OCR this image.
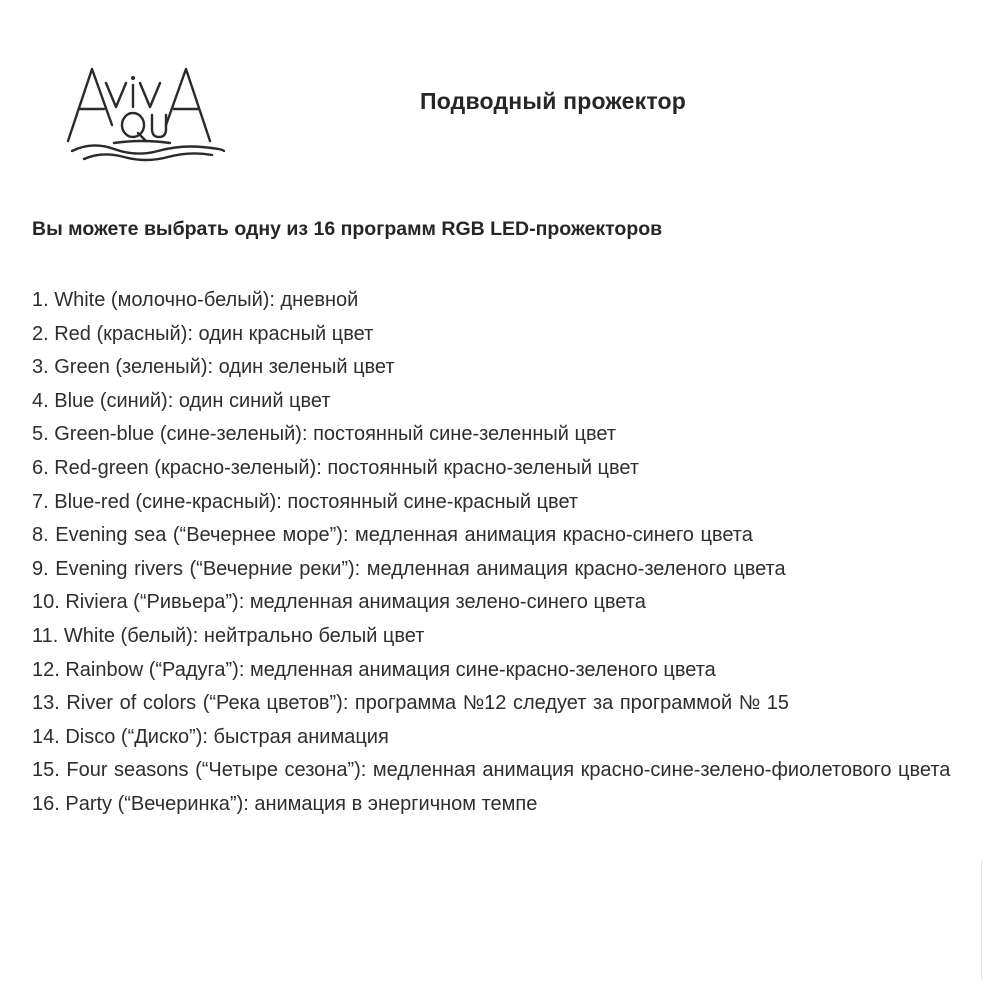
Подводный прожектор
Вы можете выбрать одну из 16 программ RGB LED-прожекторов
1. White (молочно-белый): дневной
2. Red (красный): один красный цвет
3. Green (зеленый): один зеленый цвет
4. Blue (синий): один синий цвет
5. Green-blue (сине-зеленый): постоянный сине-зеленный цвет
6. Red-green (красно-зеленый): постоянный красно-зеленый цвет
7. Blue-red (сине-красный): постоянный сине-красный цвет
8. Evening sea (“Вечернее море”): медленная анимация красно-синего цвета
9. Evening rivers (“Вечерние реки”): медленная анимация красно-зеленого цвета
10. Riviera (“Ривьера”): медленная анимация зелено-синего цвета
11. White (белый): нейтрально белый цвет
12. Rainbow (“Радуга”): медленная анимация сине-красно-зеленого цвета
13. River of colors (“Река цветов”): программа №12 следует за программой № 15
14. Disco (“Диско”): быстрая анимация
15. Four seasons (“Четыре сезона”): медленная анимация красно-сине-зелено-фиолетового цвета
16. Party (“Вечеринка”): анимация в энергичном темпе
